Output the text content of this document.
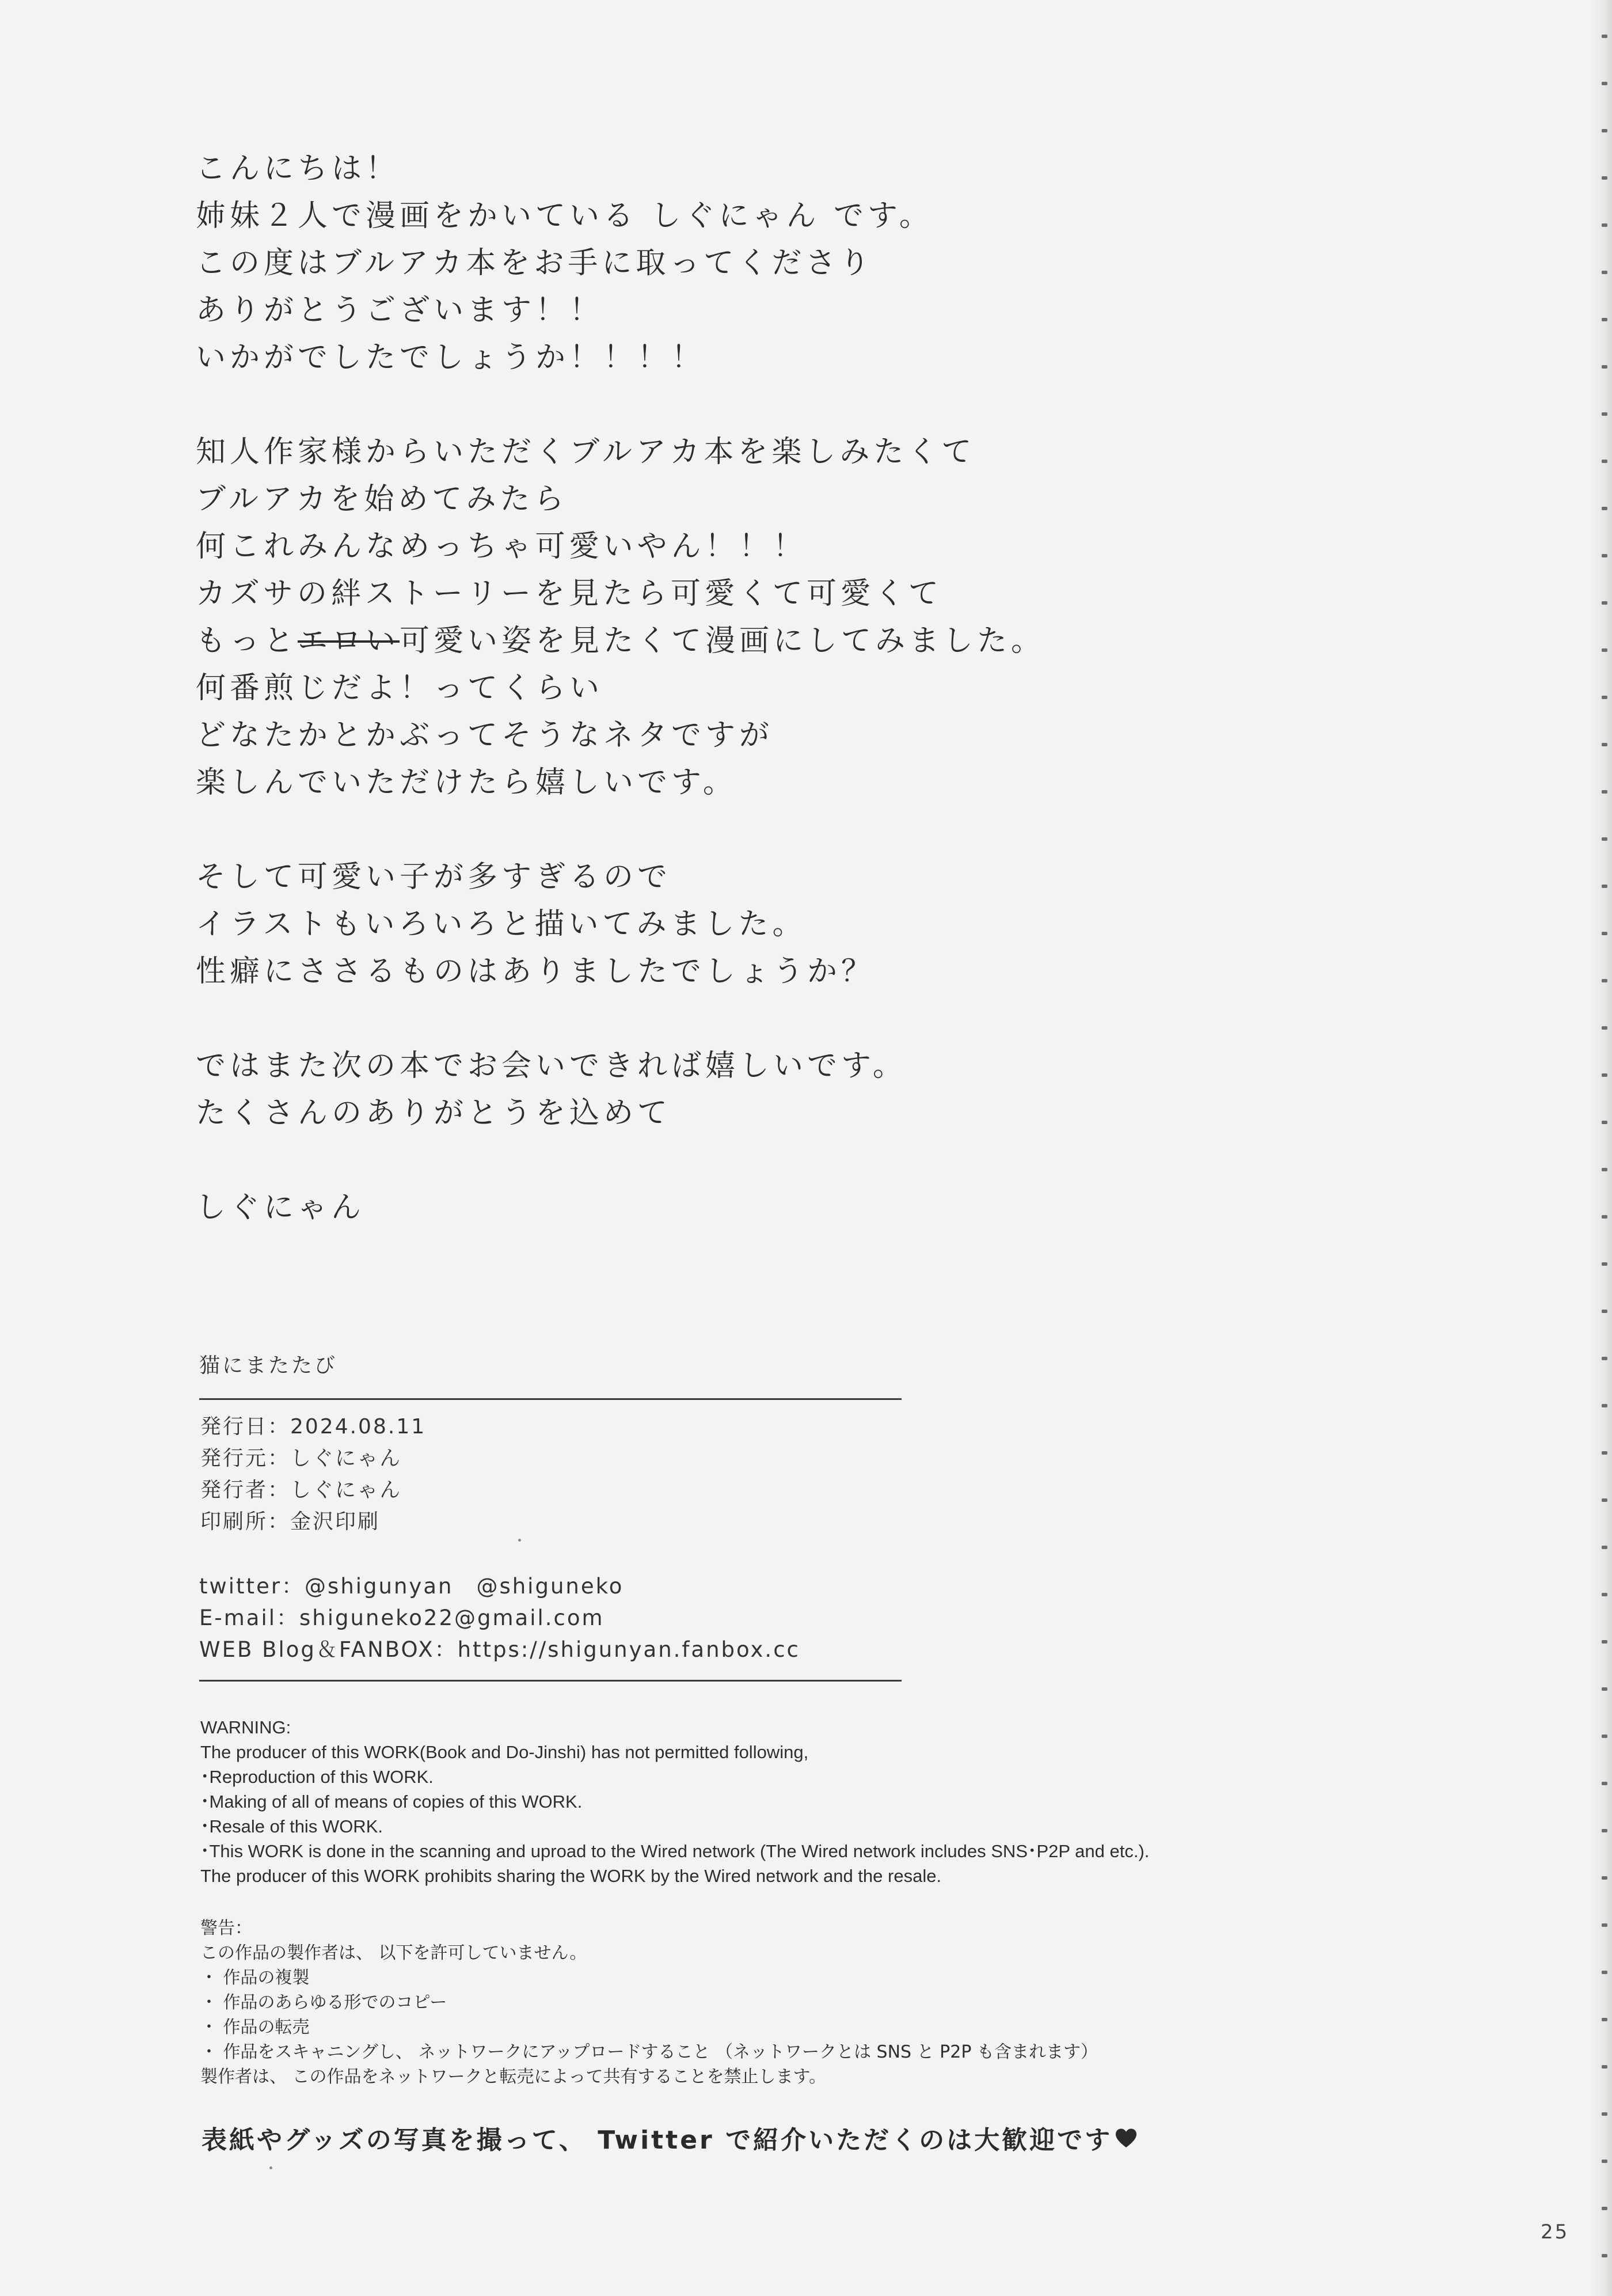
こんにちは！
姉妹２人で漫画をかいている しぐにゃん です。
この度はブルアカ本をお手に取ってくださり
ありがとうございます！！
いかがでしたでしょうか！！！！
知人作家様からいただくブルアカ本を楽しみたくて
ブルアカを始めてみたら
何これみんなめっちゃ可愛いやん！！！
カズサの絆ストーリーを見たら可愛くて可愛くて
もっとエロい可愛い姿を見たくて漫画にしてみました。
何番煎じだよ！ってくらい
どなたかとかぶってそうなネタですが
楽しんでいただけたら嬉しいです。
そして可愛い子が多すぎるので
イラストもいろいろと描いてみました。
性癖にささるものはありましたでしょうか？
ではまた次の本でお会いできれば嬉しいです。
たくさんのありがとうを込めて
しぐにゃん
猫にまたたび
発行日：2024.08.11
発行元：しぐにゃん
発行者：しぐにゃん
印刷所：金沢印刷
twitter：@shigunyan　@shiguneko
E-mail：shiguneko22@gmail.com
WEB Blog＆FANBOX：https://shigunyan.fanbox.cc
WARNING:
The producer of this WORK(Book and Do-Jinshi) has not permitted following,
･Reproduction of this WORK.
･Making of all of means of copies of this WORK.
･Resale of this WORK.
･This WORK is done in the scanning and uproad to the Wired network (The Wired network includes SNS･P2P and etc.).
The producer of this WORK prohibits sharing the WORK by the Wired network and the resale.
警告：
この作品の製作者は、 以下を許可していません。
・ 作品の複製
・ 作品のあらゆる形でのコピー
・ 作品の転売
・ 作品をスキャニングし、 ネットワークにアップロードすること （ネットワークとは SNS と P2P も含まれます）
製作者は、 この作品をネットワークと転売によって共有することを禁止します。
表紙やグッズの写真を撮って、 Twitter で紹介いただくのは大歓迎です
25
